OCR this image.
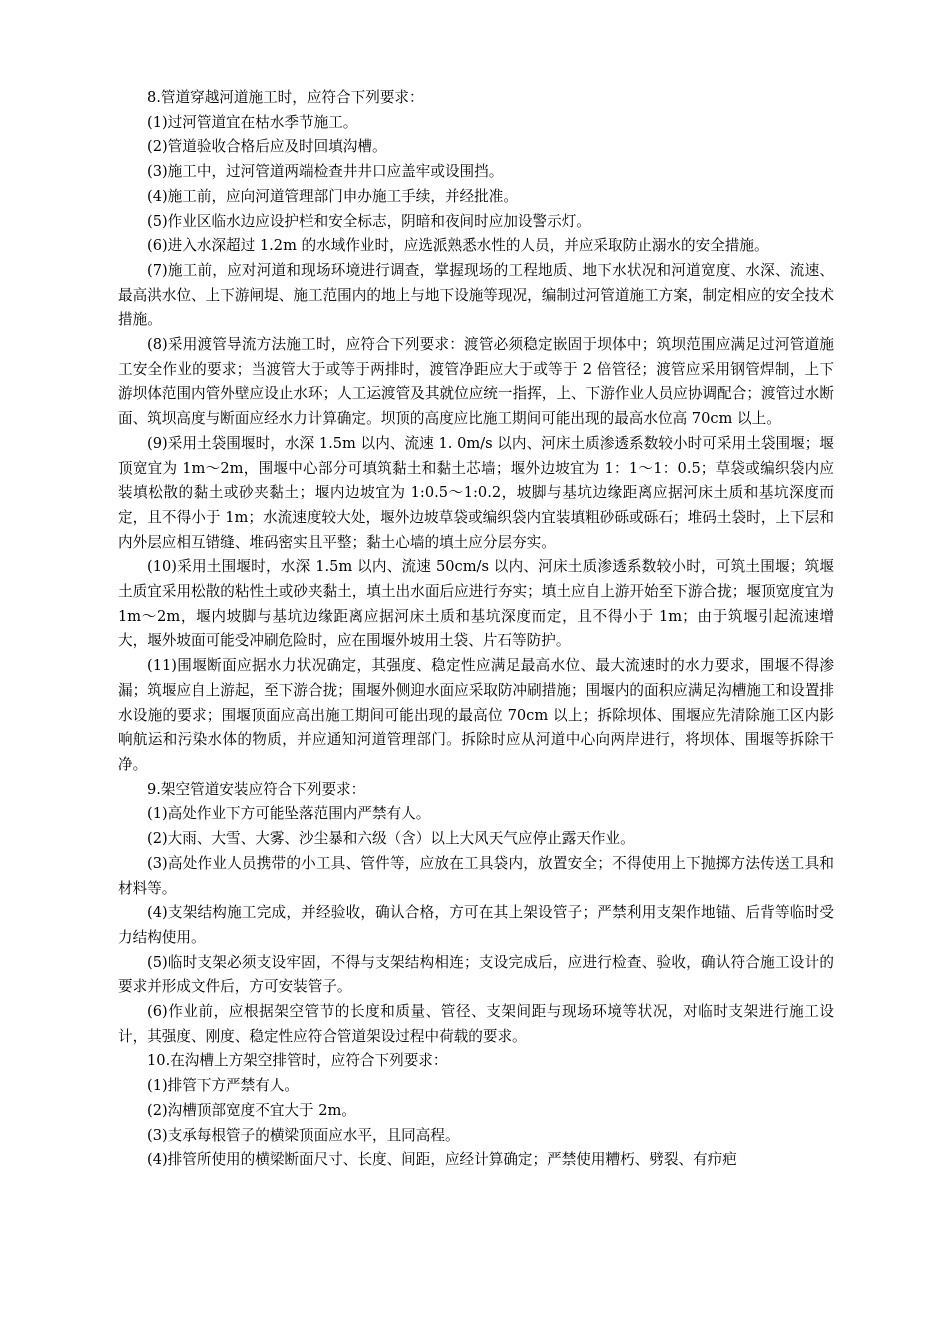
8.管道穿越河道施工时，应符合下列要求：

(1)过河管道宜在枯水季节施工。

(2)管道验收合格后应及时回填沟槽。

(3)施工中，过河管道两端检查井井口应盖牢或设围挡。

(4)施工前，应向河道管理部门申办施工手续，并经批准。

(5)作业区临水边应设护栏和安全标志，阴暗和夜间时应加设警示灯。

(6)进入水深超过 1.2m 的水域作业时，应选派熟悉水性的人员，并应采取防止溺水的安全措施。

(7)施工前，应对河道和现场环境进行调查，掌握现场的工程地质、地下水状况和河道宽度、水深、流速、最高洪水位、上下游闸堤、施工范围内的地上与地下设施等现况，编制过河管道施工方案，制定相应的安全技术措施。

(8)采用渡管导流方法施工时，应符合下列要求：渡管必须稳定嵌固于坝体中；筑坝范围应满足过河管道施工安全作业的要求；当渡管大于或等于两排时，渡管净距应大于或等于 2 倍管径；渡管应采用钢管焊制，上下游坝体范围内管外壁应设止水环；人工运渡管及其就位应统一指挥，上、下游作业人员应协调配合；渡管过水断面、筑坝高度与断面应经水力计算确定。坝顶的高度应比施工期间可能出现的最高水位高 70cm 以上。

(9)采用土袋围堰时，水深 1.5m 以内、流速 1. 0m/s 以内、河床土质渗透系数较小时可采用土袋围堰；堰顶宽宜为 1m～2m，围堰中心部分可填筑黏土和黏土芯墙；堰外边坡宜为 1：1～1：0.5；草袋或编织袋内应装填松散的黏土或砂夹黏土；堰内边坡宜为 1:0.5～1:0.2，坡脚与基坑边缘距离应据河床土质和基坑深度而定，且不得小于 1m；水流速度较大处，堰外边坡草袋或编织袋内宜装填粗砂砾或砾石；堆码土袋时，上下层和内外层应相互错缝、堆码密实且平整；黏土心墙的填土应分层夯实。

(10)采用土围堰时，水深 1.5m 以内、流速 50cm/s 以内、河床土质渗透系数较小时，可筑土围堰；筑堰土质宜采用松散的粘性土或砂夹黏土，填土出水面后应进行夯实；填土应自上游开始至下游合拢；堰顶宽度宜为 1m～2m，堰内坡脚与基坑边缘距离应据河床土质和基坑深度而定，且不得小于 1m；由于筑堰引起流速增大，堰外坡面可能受冲刷危险时，应在围堰外坡用土袋、片石等防护。

(11)围堰断面应据水力状况确定，其强度、稳定性应满足最高水位、最大流速时的水力要求，围堰不得渗漏；筑堰应自上游起，至下游合拢；围堰外侧迎水面应采取防冲刷措施；围堰内的面积应满足沟槽施工和设置排水设施的要求；围堰顶面应高出施工期间可能出现的最高位 70cm 以上；拆除坝体、围堰应先清除施工区内影响航运和污染水体的物质，并应通知河道管理部门。拆除时应从河道中心向两岸进行，将坝体、围堰等拆除干净。

9.架空管道安装应符合下列要求：

(1)高处作业下方可能坠落范围内严禁有人。

(2)大雨、大雪、大雾、沙尘暴和六级（含）以上大风天气应停止露天作业。

(3)高处作业人员携带的小工具、管件等，应放在工具袋内，放置安全；不得使用上下抛掷方法传送工具和材料等。

(4)支架结构施工完成，并经验收，确认合格，方可在其上架设管子；严禁利用支架作地锚、后背等临时受力结构使用。

(5)临时支架必须支设牢固，不得与支架结构相连；支设完成后，应进行检查、验收，确认符合施工设计的要求并形成文件后，方可安装管子。

(6)作业前，应根据架空管节的长度和质量、管径、支架间距与现场环境等状况，对临时支架进行施工设计，其强度、刚度、稳定性应符合管道架设过程中荷载的要求。

10.在沟槽上方架空排管时，应符合下列要求：

(1)排管下方严禁有人。

(2)沟槽顶部宽度不宜大于 2m。

(3)支承每根管子的横梁顶面应水平，且同高程。

(4)排管所使用的横梁断面尺寸、长度、间距，应经计算确定；严禁使用糟朽、劈裂、有疖疤
